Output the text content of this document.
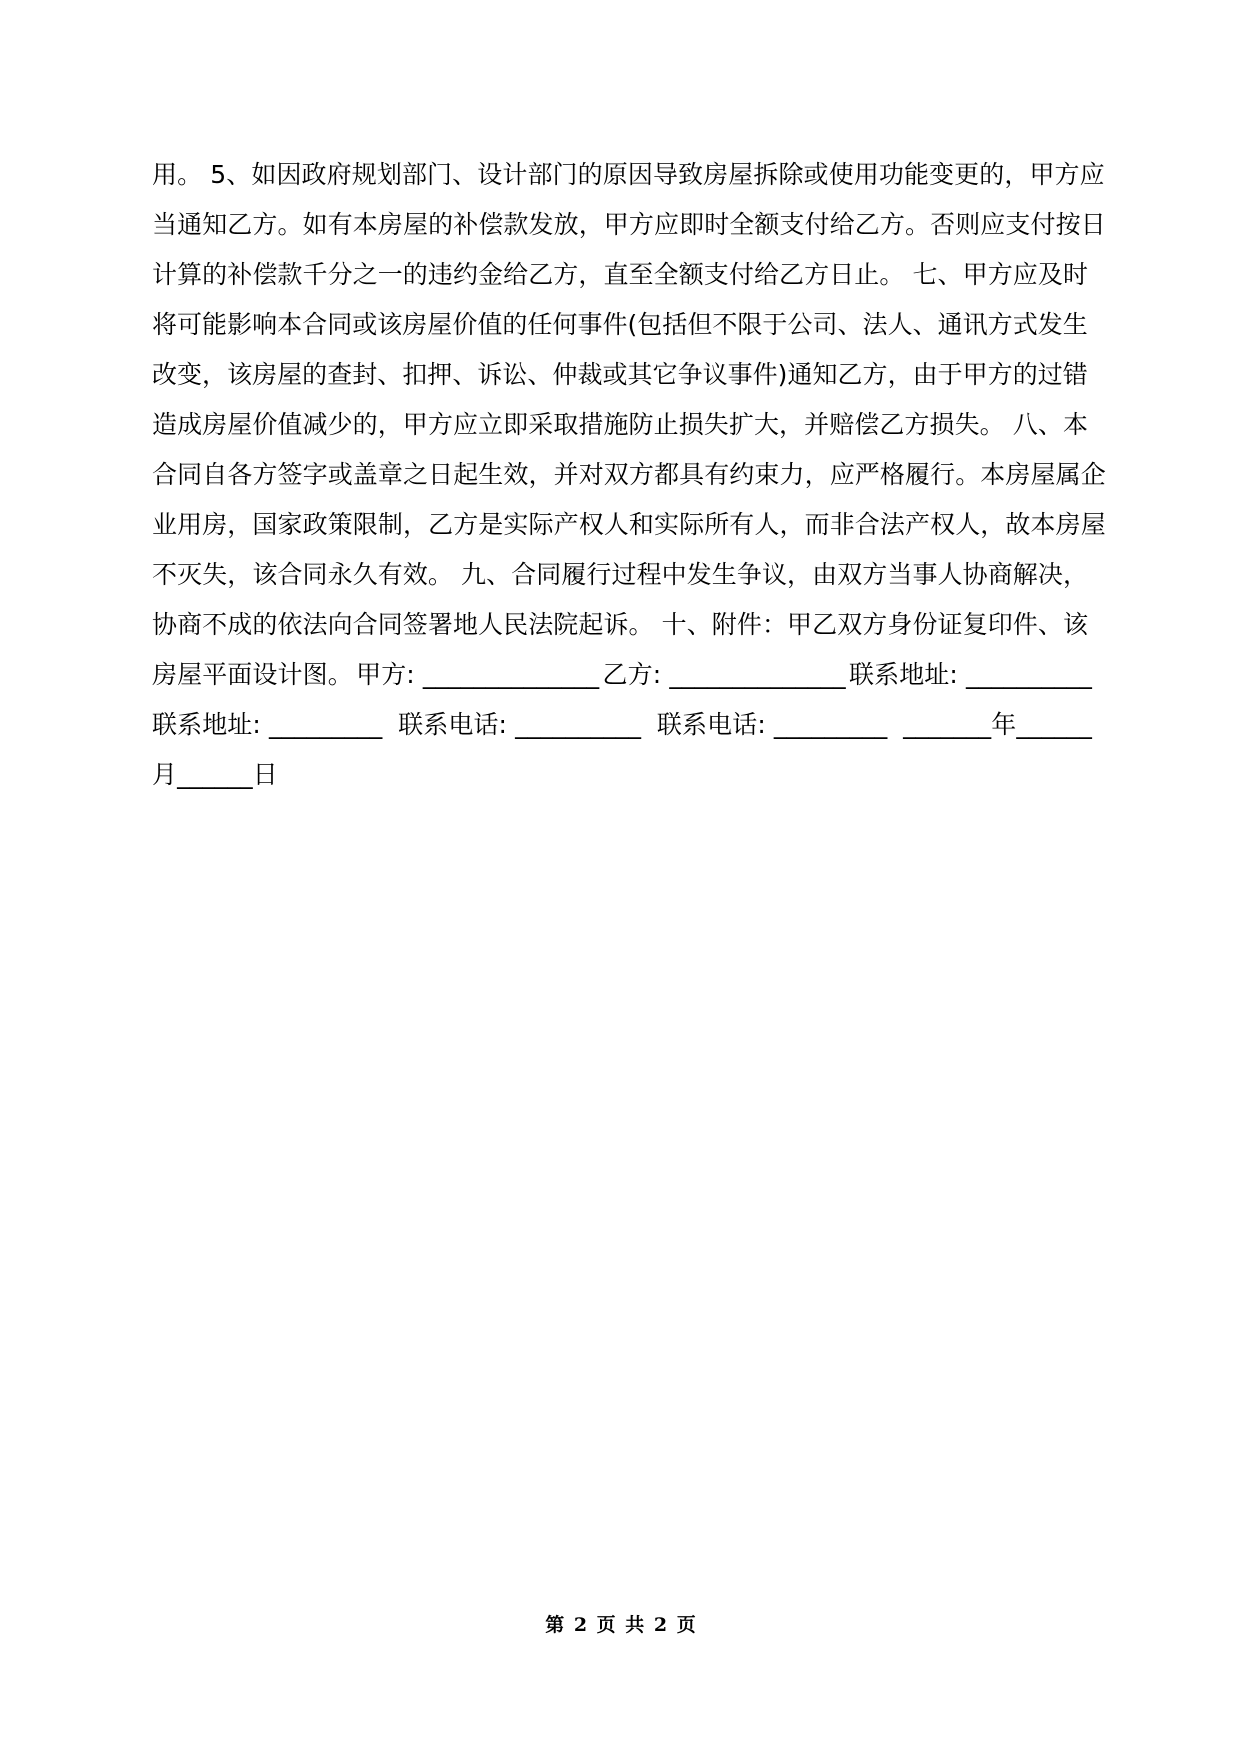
用。 5、如因政府规划部门、设计部门的原因导致房屋拆除或使用功能变更的，甲方应
当通知乙方。如有本房屋的补偿款发放，甲方应即时全额支付给乙方。否则应支付按日
计算的补偿款千分之一的违约金给乙方，直至全额支付给乙方日止。 七、甲方应及时
将可能影响本合同或该房屋价值的任何事件(包括但不限于公司、法人、通讯方式发生
改变，该房屋的查封、扣押、诉讼、仲裁或其它争议事件)通知乙方，由于甲方的过错
造成房屋价值减少的，甲方应立即采取措施防止损失扩大，并赔偿乙方损失。 八、本
合同自各方签字或盖章之日起生效，并对双方都具有约束力，应严格履行。本房屋属企
业用房，国家政策限制，乙方是实际产权人和实际所有人，而非合法产权人，故本房屋
不灭失，该合同永久有效。 九、合同履行过程中发生争议，由双方当事人协商解决，
协商不成的依法向合同签署地人民法院起诉。 十、附件：甲乙双方身份证复印件、该
房屋平面设计图。 甲方: ______________ 乙方: ______________ 联系地址: __________
联系地址: _________ 联系电话: __________ 联系电话: _________ _______年______
月______日
第 2 页 共 2 页
